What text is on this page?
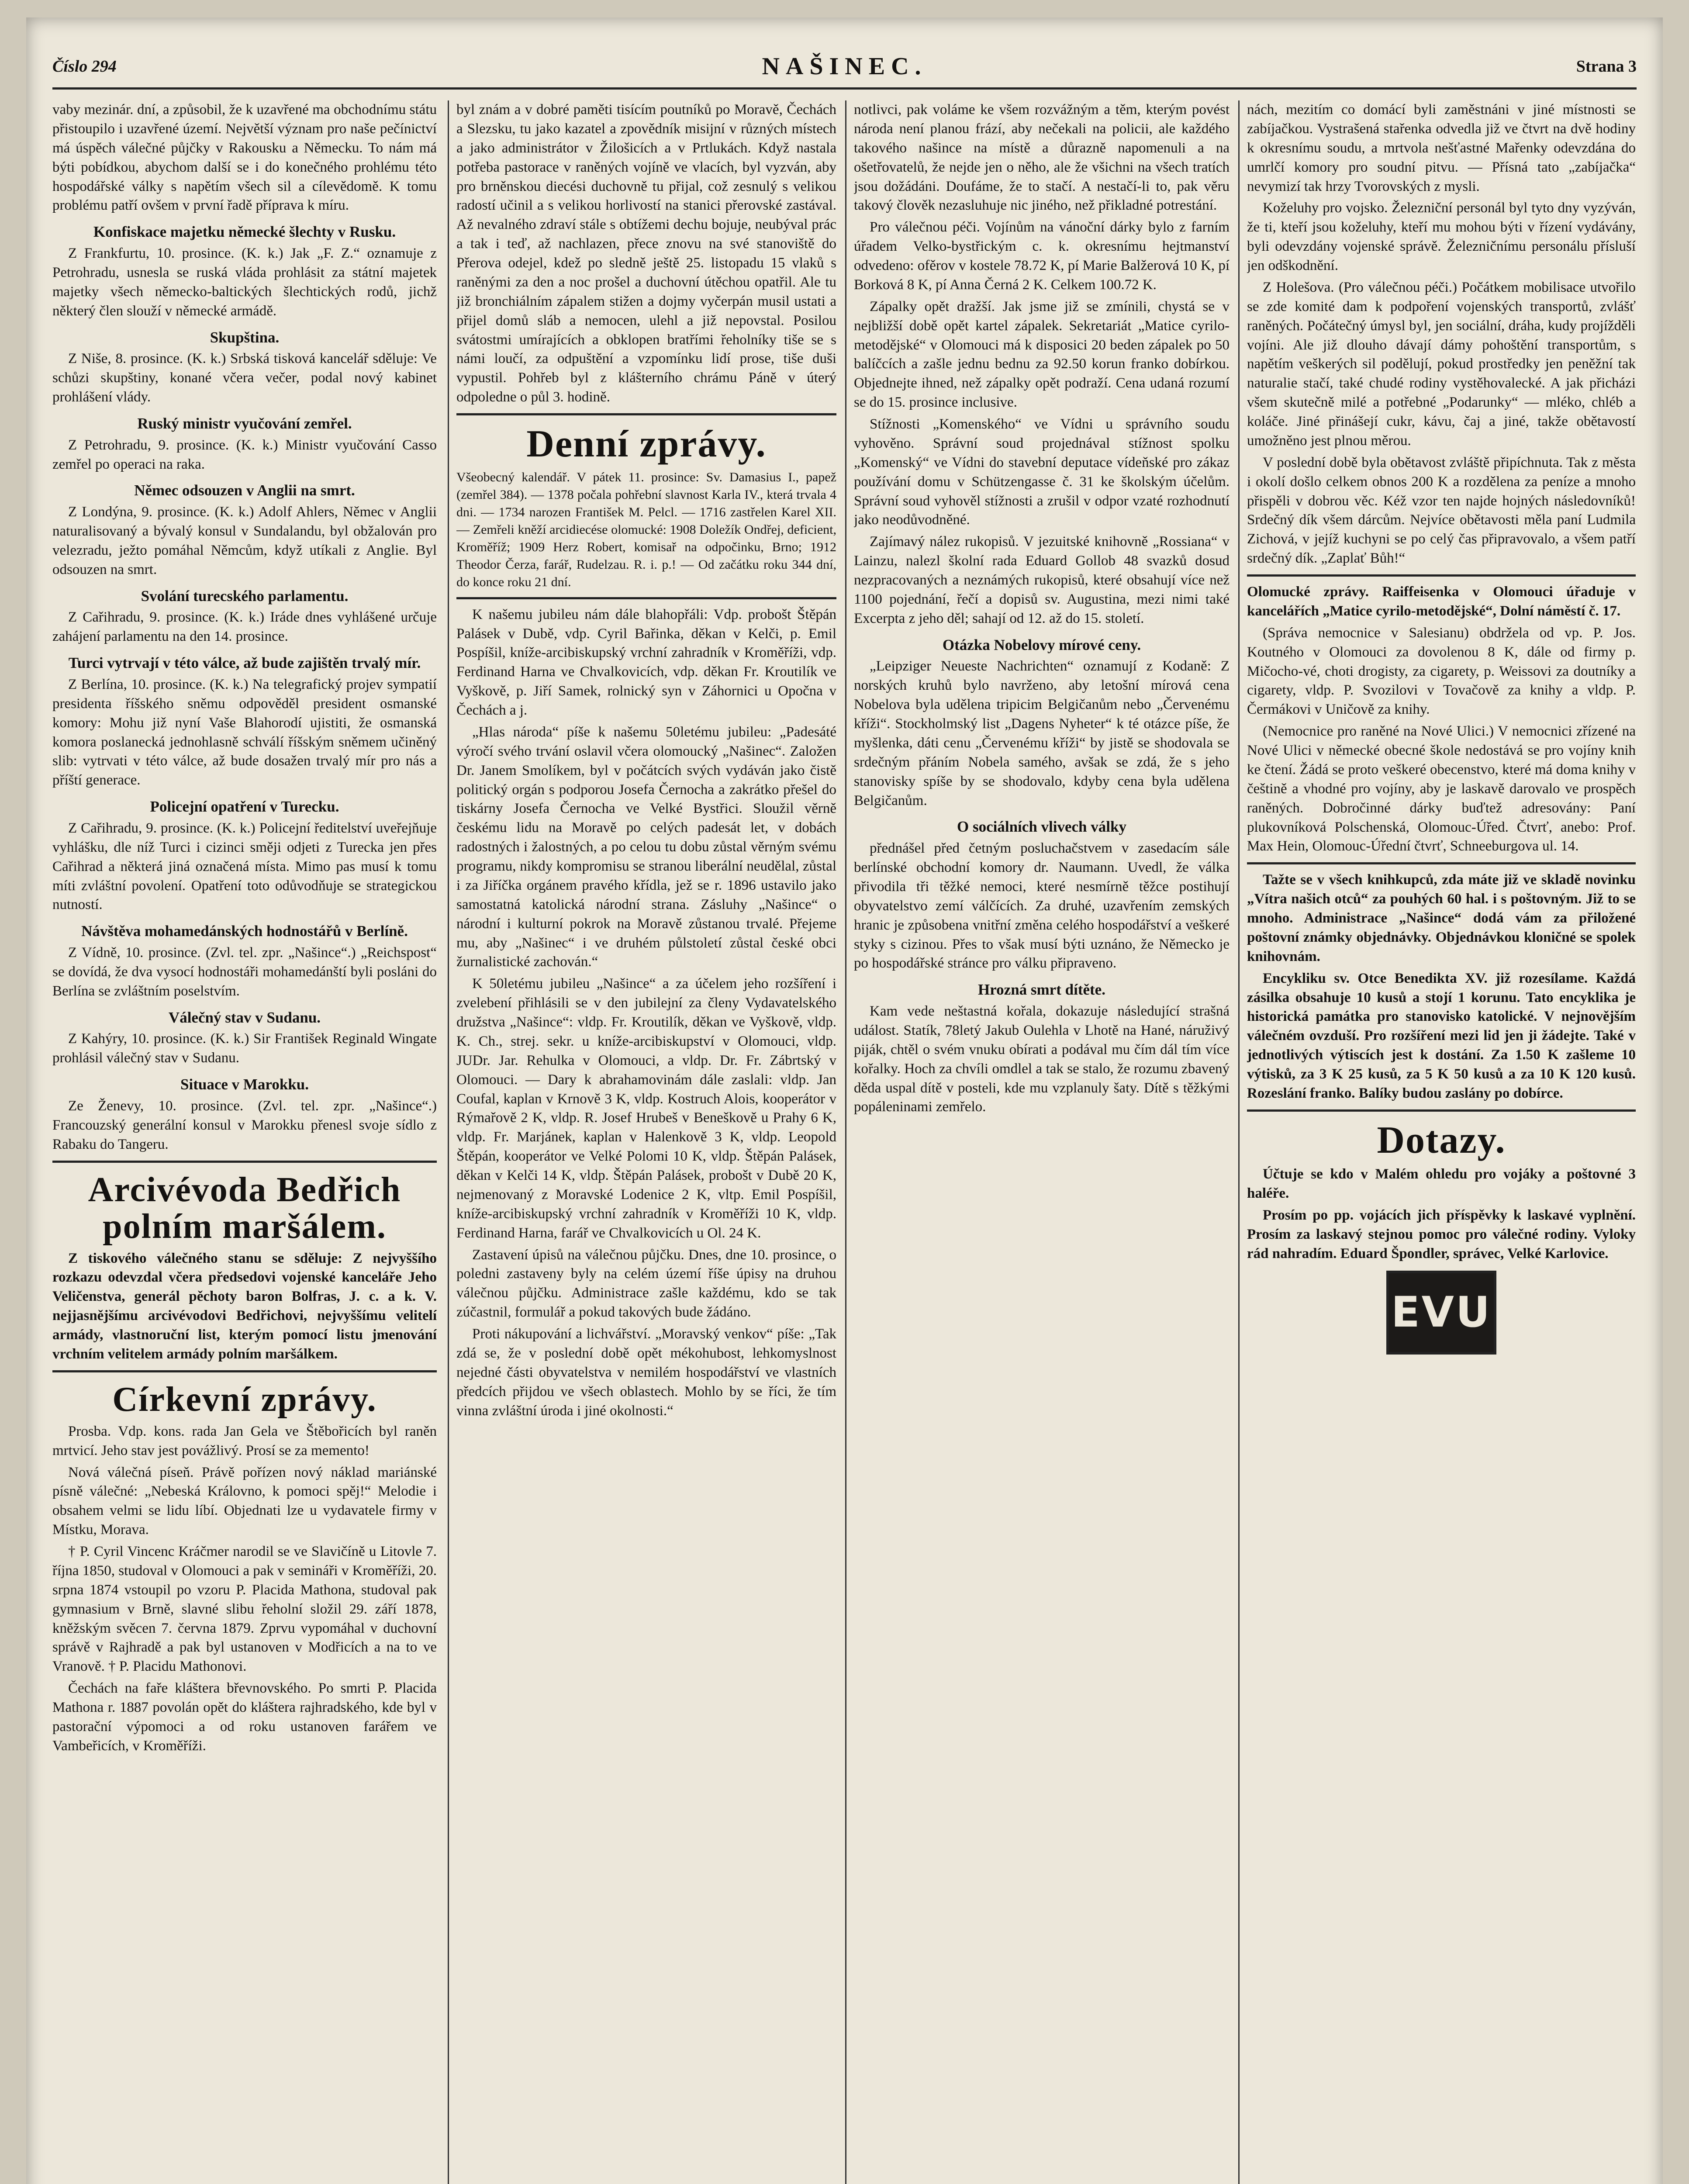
Číslo 294	NAŠINEC.	Strana 3

vaby mezinár. dní, a způsobil, že k uzavřené ma obchodnímu státu přistoupilo i uzavřené území. Největší význam pro naše pečínictví má úspěch válečné půjčky v Rakousku a Německu. To nám má býti pobídkou, abychom další se i do konečného prohlému této hospodářské války s napětím všech sil a cílevědomě. K tomu problému patří ovšem v první řadě příprava k míru.

Konfiskace majetku německé šlechty v Rusku.

Z Frankfurtu, 10. prosince. (K. k.) Jak „F. Z.“ oznamuje z Petrohradu, usnesla se ruská vláda prohlásit za státní majetek majetky všech německo-baltických šlechtických rodů, jichž některý člen slouží v německé armádě.

Skupština.

Z Niše, 8. prosince. (K. k.) Srbská tisková kancelář sděluje: Ve schůzi skupštiny, konané včera večer, podal nový kabinet prohlášení vlády.

Ruský ministr vyučování zemřel.

Z Petrohradu, 9. prosince. (K. k.) Ministr vyučování Casso zemřel po operaci na raka.

Němec odsouzen v Anglii na smrt.

Z Londýna, 9. prosince. (K. k.) Adolf Ahlers, Němec v Anglii naturalisovaný a bývalý konsul v Sundalandu, byl obžalován pro velezradu, ježto pomáhal Němcům, když utíkali z Anglie. Byl odsouzen na smrt.

Svolání turecského parlamentu.

Z Cařihradu, 9. prosince. (K. k.) Iráde dnes vyhlášené určuje zahájení parlamentu na den 14. prosince.

Turci vytrvají v této válce, až bude zajištěn trvalý mír.

Z Berlína, 10. prosince. (K. k.) Na telegrafický projev sympatií presidenta říšského sněmu odpověděl president osmanské komory: Mohu již nyní Vaše Blahorodí ujistiti, že osmanská komora poslanecká jednohlasně schválí říšským sněmem učiněný slib: vytrvati v této válce, až bude dosažen trvalý mír pro nás a příští generace.

Policejní opatření v Turecku.

Z Cařihradu, 9. prosince. (K. k.) Policejní ředitelství uveřejňuje vyhlášku, dle níž Turci i cizinci směji odjeti z Turecka jen přes Cařihrad a některá jiná označená místa. Mimo pas musí k tomu míti zvláštní povolení. Opatření toto odůvodňuje se strategickou nutností.

Návštěva mohamedánských hodnostářů v Berlíně.

Z Vídně, 10. prosince. (Zvl. tel. zpr. „Našince“.) „Reichspost“ se dovídá, že dva vysocí hodnostáři mohamedánští byli posláni do Berlína se zvláštním poselstvím.

Válečný stav v Sudanu.

Z Kahýry, 10. prosince. (K. k.) Sir František Reginald Wingate prohlásil válečný stav v Sudanu.

Situace v Marokku.

Ze Ženevy, 10. prosince. (Zvl. tel. zpr. „Našince“.) Francouzský generální konsul v Marokku přenesl svoje sídlo z Rabaku do Tangeru.

Arcivévoda Bedřich polním maršálem.

Z tiskového válečného stanu se sděluje: Z nejvyššího rozkazu odevzdal včera předsedovi vojenské kanceláře Jeho Veličenstva, generál pěchoty baron Bolfras, J. c. a k. V. nejjasnějšímu arcivévodovi Bedřichovi, nejvyššímu velitelí armády, vlastnoruční list, kterým pomocí listu jmenování vrchním velitelem armády polním maršálkem.

Církevní zprávy.

Prosba. Vdp. kons. rada Jan Gela ve Štěbořicích byl raněn mrtvicí. Jeho stav jest povážlivý. Prosí se za memento!

Nová válečná píseň. Právě pořízen nový náklad mariánské písně válečné: „Nebeská Královno, k pomoci spěj!“ Melodie i obsahem velmi se lidu líbí. Objednati lze u vydavatele firmy v Místku, Morava.

† P. Cyril Vincenc Kráčmer narodil se ve Slavičíně u Litovle 7. října 1850, studoval v Olomouci a pak v semináři v Kroměříži, 20. srpna 1874 vstoupil po vzoru P. Placida Mathona, studoval pak gymnasium v Brně, slavné slibu řeholní složil 29. září 1878, kněžským svěcen 7. června 1879. Zprvu vypomáhal v duchovní správě v Rajhradě a pak byl ustanoven v Modřicích a na to ve Vranově. † P. Placidu Mathonovi.

Čechách na faře kláštera břevnovského. Po smrti P. Placida Mathona r. 1887 povolán opět do kláštera rajhradského, kde byl v pastorační výpomoci a od roku ustanoven farářem ve Vambeřicích, v Kroměříži.

byl znám a v dobré paměti tisícím poutníků po Moravě, Čechách a Slezsku, tu jako kazatel a zpovědník misijní v různých místech a jako administrátor v Žilošicích a v Prtlukách. Když nastala potřeba pastorace v raněných vojíně ve vlacích, byl vyzván, aby pro brněnskou diecési duchovně tu přijal, což zesnulý s velikou radostí učinil a s velikou horlivostí na stanici přerovské zastával. Až nevalného zdraví stále s obtížemi dechu bojuje, neubýval prác a tak i teď, až nachlazen, přece znovu na své stanoviště do Přerova odejel, kdež po sledně ještě 25. listopadu 15 vlaků s raněnými za den a noc prošel a duchovní útěchou opatřil. Ale tu již bronchiálním zápalem stižen a dojmy vyčerpán musil ustati a přijel domů sláb a nemocen, ulehl a již nepovstal. Posilou svátostmi umírajících a obklopen bratřími řeholníky tiše se s námi loučí, za odpuštění a vzpomínku lidí prose, tiše duši vypustil. Pohřeb byl z klášterního chrámu Páně v úterý odpoledne o půl 3. hodině.

Denní zprávy.

Všeobecný kalendář. V pátek 11. prosince: Sv. Damasius I., papež (zemřel 384). — 1378 počala pohřební slavnost Karla IV., která trvala 4 dni. — 1734 narozen František M. Pelcl. — 1716 zastřelen Karel XII. — Zemřeli kněží arcidiecése olomucké: 1908 Doležík Ondřej, deficient, Kroměříž; 1909 Herz Robert, komisař na odpočinku, Brno; 1912 Theodor Čerza, farář, Rudelzau. R. i. p.! — Od začátku roku 344 dní, do konce roku 21 dní.

K našemu jubileu nám dále blahopřáli: Vdp. probošt Štěpán Palásek v Dubě, vdp. Cyril Bařinka, děkan v Kelči, p. Emil Pospíšil, kníže-arcibiskupský vrchní zahradník v Kroměříži, vdp. Ferdinand Harna ve Chvalkovicích, vdp. děkan Fr. Kroutilík ve Vyškově, p. Jiří Samek, rolnický syn v Záhornici u Opočna v Čechách a j.

„Hlas národa“ píše k našemu 50letému jubileu: „Padesáté výročí svého trvání oslavil včera olomoucký „Našinec“. Založen Dr. Janem Smolíkem, byl v počátcích svých vydáván jako čistě politický orgán s podporou Josefa Černocha a zakrátko přešel do tiskárny Josefa Černocha ve Velké Bystřici. Sloužil věrně českému lidu na Moravě po celých padesát let, v dobách radostných i žalostných, a po celou tu dobu zůstal věrným svému programu, nikdy kompromisu se stranou liberální neudělal, zůstal i za Jiříčka orgánem pravého křídla, jež se r. 1896 ustavilo jako samostatná katolická národní strana. Zásluhy „Našince“ o národní i kulturní pokrok na Moravě zůstanou trvalé. Přejeme mu, aby „Našinec“ i ve druhém půlstoletí zůstal české obci žurnalistické zachován.“

K 50letému jubileu „Našince“ a za účelem jeho rozšíření i zvelebení přihlásili se v den jubilejní za členy Vydavatelského družstva „Našince“: vldp. Fr. Kroutilík, děkan ve Vyškově, vldp. K. Ch., strej. sekr. u kníže-arcibiskupství v Olomouci, vldp. JUDr. Jar. Rehulka v Olomouci, a vldp. Dr. Fr. Zábrtský v Olomouci. — Dary k abrahamovinám dále zaslali: vldp. Jan Coufal, kaplan v Krnově 3 K, vldp. Kostruch Alois, kooperátor v Rýmařově 2 K, vldp. R. Josef Hrubeš v Beneškově u Prahy 6 K, vldp. Fr. Marjánek, kaplan v Halenkově 3 K, vldp. Leopold Štěpán, kooperátor ve Velké Polomi 10 K, vldp. Štěpán Palásek, děkan v Kelči 14 K, vldp. Štěpán Palásek, probošt v Dubě 20 K, nejmenovaný z Moravské Lodenice 2 K, vltp. Emil Pospíšil, kníže-arcibiskupský vrchní zahradník v Kroměříži 10 K, vldp. Ferdinand Harna, farář ve Chvalkovicích u Ol. 24 K.

Zastavení úpisů na válečnou půjčku. Dnes, dne 10. prosince, o poledni zastaveny byly na celém území říše úpisy na druhou válečnou půjčku. Administrace zašle každému, kdo se tak zúčastnil, formulář a pokud takových bude žádáno.

Proti nákupování a lichvářství. „Moravský venkov“ píše: „Tak zdá se, že v poslední době opět mékohubost, lehkomyslnost nejedné části obyvatelstva v nemilém hospodářství ve vlastních předcích přijdou ve všech oblastech. Mohlo by se říci, že tím vinna zvláštní úroda i jiné okolnosti.“

notlivci, pak voláme ke všem rozvážným a těm, kterým povést národa není planou frází, aby nečekali na policii, ale každého takového našince na místě a důrazně napomenuli a na ošetřovatelů, že nejde jen o něho, ale že všichni na všech tratích jsou dožádáni. Doufáme, že to stačí. A nestačí-li to, pak věru takový člověk nezasluhuje nic jiného, než přikladné potrestání.

Pro válečnou péči. Vojínům na vánoční dárky bylo z farním úřadem Velko-bystřickým c. k. okresnímu hejtmanství odvedeno: ofěrov v kostele 78.72 K, pí Marie Balžerová 10 K, pí Borková 8 K, pí Anna Černá 2 K. Celkem 100.72 K.

Zápalky opět dražší. Jak jsme již se zmínili, chystá se v nejbližší době opět kartel zápalek. Sekretariát „Matice cyrilo-metodějské“ v Olomouci má k disposici 20 beden zápalek po 50 balíčcích a zašle jednu bednu za 92.50 korun franko dobírkou. Objednejte ihned, než zápalky opět podraží. Cena udaná rozumí se do 15. prosince inclusive.

Stížnosti „Komenského“ ve Vídni u správního soudu vyhověno. Správní soud projednával stížnost spolku „Komenský“ ve Vídni do stavební deputace vídeňské pro zákaz používání domu v Schützengasse č. 31 ke školským účelům. Správní soud vyhověl stížnosti a zrušil v odpor vzaté rozhodnutí jako neodůvodněné.

Zajímavý nález rukopisů. V jezuitské knihovně „Rossiana“ v Lainzu, nalezl školní rada Eduard Gollob 48 svazků dosud nezpracovaných a neznámých rukopisů, které obsahují více než 1100 pojednání, řečí a dopisů sv. Augustina, mezi nimi také Excerpta z jeho děl; sahají od 12. až do 15. století.

Otázka Nobelovy mírové ceny.

„Leipziger Neueste Nachrichten“ oznamují z Kodaně: Z norských kruhů bylo navrženo, aby letošní mírová cena Nobelova byla udělena tripicim Belgičanům nebo „Červenému kříži“. Stockholmský list „Dagens Nyheter“ k té otázce píše, že myšlenka, dáti cenu „Červenému kříži“ by jistě se shodovala se srdečným přáním Nobela samého, avšak se zdá, že s jeho stanovisky spíše by se shodovalo, kdyby cena byla udělena Belgičanům.

O sociálních vlivech války

přednášel před četným posluchačstvem v zasedacím sále berlínské obchodní komory dr. Naumann. Uvedl, že válka přivodila tři těžké nemoci, které nesmírně těžce postihují obyvatelstvo zemí válčících. Za druhé, uzavřením zemských hranic je způsobena vnitřní změna celého hospodářství a veškeré styky s cizinou. Přes to však musí býti uznáno, že Německo je po hospodářské stránce pro válku připraveno.

Hrozná smrt dítěte.

Kam vede neštastná kořala, dokazuje následující strašná událost. Statík, 78letý Jakub Oulehla v Lhotě na Hané, náruživý piják, chtěl o svém vnuku obírati a podával mu čím dál tím více kořalky. Hoch za chvíli omdlel a tak se stalo, že rozumu zbavený děda uspal dítě v posteli, kde mu vzplanuly šaty. Dítě s těžkými popáleninami zemřelo.

nách, mezitím co domácí byli zaměstnáni v jiné místnosti se zabíjačkou. Vystrašená stařenka odvedla již ve čtvrt na dvě hodiny k okresnímu soudu, a mrtvola nešťastné Mařenky odevzdána do umrlčí komory pro soudní pitvu. — Přísná tato „zabíjačka“ nevymizí tak hrzy Tvorovských z mysli.

Koželuhy pro vojsko. Železniční personál byl tyto dny vyzýván, že ti, kteří jsou koželuhy, kteří mu mohou býti v řízení vydávány, byli odevzdány vojenské správě. Železničnímu personálu přísluší jen odškodnění.

Z Holešova. (Pro válečnou péči.) Počátkem mobilisace utvořilo se zde komité dam k podpoření vojenských transportů, zvlášť raněných. Počátečný úmysl byl, jen sociální, dráha, kudy projížděli vojíni. Ale již dlouho dávají dámy pohoštění transportům, s napětím veškerých sil podělují, pokud prostředky jen peněžní tak naturalie stačí, také chudé rodiny vystěhovalecké. A jak přicházi všem skutečně milé a potřebné „Podarunky“ — mléko, chléb a koláče. Jiné přinášejí cukr, kávu, čaj a jiné, takže obětavostí umožněno jest plnou měrou.

V poslední době byla obětavost zvláště připíchnuta. Tak z města i okolí došlo celkem obnos 200 K a rozdělena za peníze a mnoho přispěli v dobrou věc. Kéž vzor ten najde hojných následovníků! Srdečný dík všem dárcům. Nejvíce obětavosti měla paní Ludmila Zichová, v jejíž kuchyni se po celý čas připravovalo, a všem patří srdečný dík. „Zaplať Bůh!“

Olomucké zprávy. Raiffeisenka v Olomouci úřaduje v kancelářích „Matice cyrilo-metodějské“, Dolní náměstí č. 17.

(Správa nemocnice v Salesianu) obdržela od vp. P. Jos. Koutného v Olomouci za dovolenou 8 K, dále od firmy p. Mičocho-vé, choti drogisty, za cigarety, p. Weissovi za doutníky a cigarety, vldp. P. Svozilovi v Tovačově za knihy a vldp. P. Čermákovi v Uničově za knihy.

(Nemocnice pro raněné na Nové Ulici.) V nemocnici zřízené na Nové Ulici v německé obecné škole nedostává se pro vojíny knih ke čtení. Žádá se proto veškeré obecenstvo, které má doma knihy v češtině a vhodné pro vojíny, aby je laskavě darovalo ve prospěch raněných. Dobročinné dárky buďtež adresovány: Paní plukovníková Polschenská, Olomouc-Úřed. Čtvrť, anebo: Prof. Max Hein, Olomouc-Úřední čtvrť, Schneeburgova ul. 14.

Tažte se v všech knihkupců, zda máte již ve skladě novinku „Vítra našich otců“ za pouhých 60 hal. i s poštovným. Již to se mnoho. Administrace „Našince“ dodá vám za přiložené poštovní známky objednávky. Objednávkou kloničné se spolek knihovnám.

Encykliku sv. Otce Benedikta XV. již rozesílame. Každá zásilka obsahuje 10 kusů a stojí 1 korunu. Tato encyklika je historická památka pro stanovisko katolické. V nejnovějším válečném ovzduší. Pro rozšíření mezi lid jen ji žádejte. Také v jednotlivých výtiscích jest k dostání. Za 1.50 K zašleme 10 výtisků, za 3 K 25 kusů, za 5 K 50 kusů a za 10 K 120 kusů. Rozeslání franko. Balíky budou zaslány po dobírce.

Dotazy.

Účtuje se kdo v Malém ohledu pro vojáky a poštovné 3 haléře.

Prosím po pp. vojácích jich příspěvky k laskavé vyplnění. Prosím za laskavý stejnou pomoc pro válečné rodiny. Vyloky rád nahradím. Eduard Špondler, správec, Velké Karlovice.

EVU
